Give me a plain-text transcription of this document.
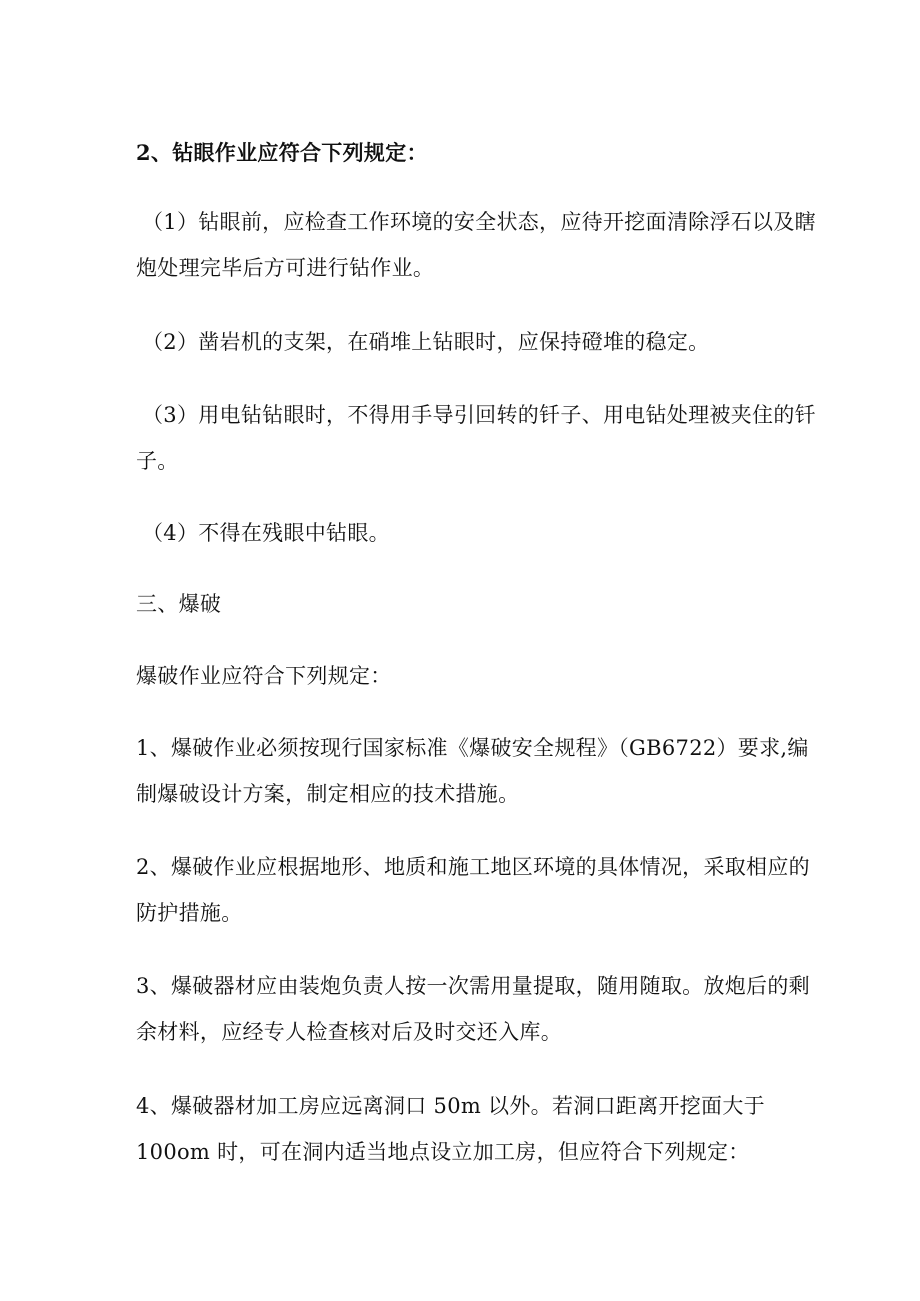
2、钻眼作业应符合下列规定：
（1）钻眼前，应检查工作环境的安全状态，应待开挖面清除浮石以及瞎
炮处理完毕后方可进行钻作业。
（2）凿岩机的支架，在硝堆上钻眼时，应保持磴堆的稳定。
（3）用电钻钻眼时，不得用手导引回转的钎子、用电钻处理被夹住的钎
子。
（4）不得在残眼中钻眼。
三、爆破
爆破作业应符合下列规定：
1、爆破作业必须按现行国家标准《爆破安全规程》（GB6722）要求,编
制爆破设计方案，制定相应的技术措施。
2、爆破作业应根据地形、地质和施工地区环境的具体情况，采取相应的
防护措施。
3、爆破器材应由装炮负责人按一次需用量提取，随用随取。放炮后的剩
余材料，应经专人检查核对后及时交还入库。
4、爆破器材加工房应远离洞口 50m 以外。若洞口距离开挖面大于
100om 时，可在洞内适当地点设立加工房，但应符合下列规定：
